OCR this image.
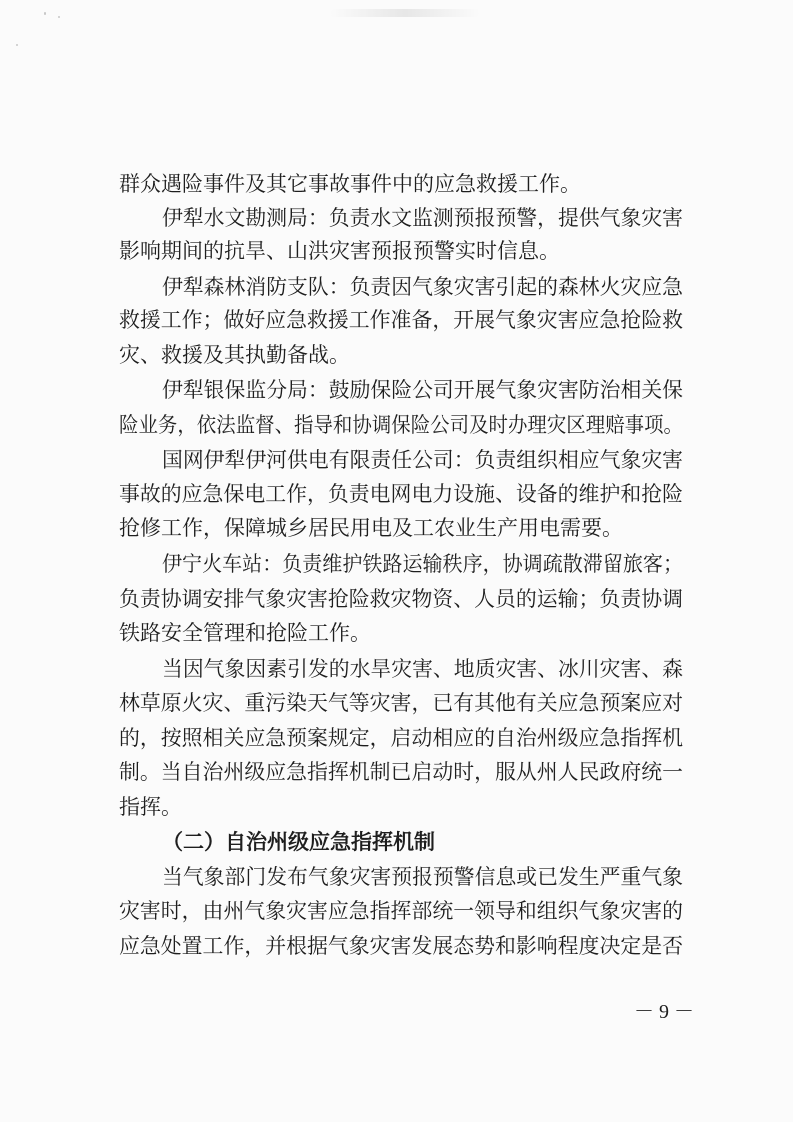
群众遇险事件及其它事故事件中的应急救援工作。
伊犁水文勘测局：负责水文监测预报预警，提供气象灾害
影响期间的抗旱、山洪灾害预报预警实时信息。
伊犁森林消防支队：负责因气象灾害引起的森林火灾应急
救援工作；做好应急救援工作准备，开展气象灾害应急抢险救
灾、救援及其执勤备战。
伊犁银保监分局：鼓励保险公司开展气象灾害防治相关保
险业务，依法监督、指导和协调保险公司及时办理灾区理赔事项。
国网伊犁伊河供电有限责任公司：负责组织相应气象灾害
事故的应急保电工作，负责电网电力设施、设备的维护和抢险
抢修工作，保障城乡居民用电及工农业生产用电需要。
伊宁火车站：负责维护铁路运输秩序，协调疏散滞留旅客；
负责协调安排气象灾害抢险救灾物资、人员的运输；负责协调
铁路安全管理和抢险工作。
当因气象因素引发的水旱灾害、地质灾害、冰川灾害、森
林草原火灾、重污染天气等灾害，已有其他有关应急预案应对
的，按照相关应急预案规定，启动相应的自治州级应急指挥机
制。当自治州级应急指挥机制已启动时，服从州人民政府统一
指挥。
（二）自治州级应急指挥机制
当气象部门发布气象灾害预报预警信息或已发生严重气象
灾害时，由州气象灾害应急指挥部统一领导和组织气象灾害的
应急处置工作，并根据气象灾害发展态势和影响程度决定是否
－ 9 －
